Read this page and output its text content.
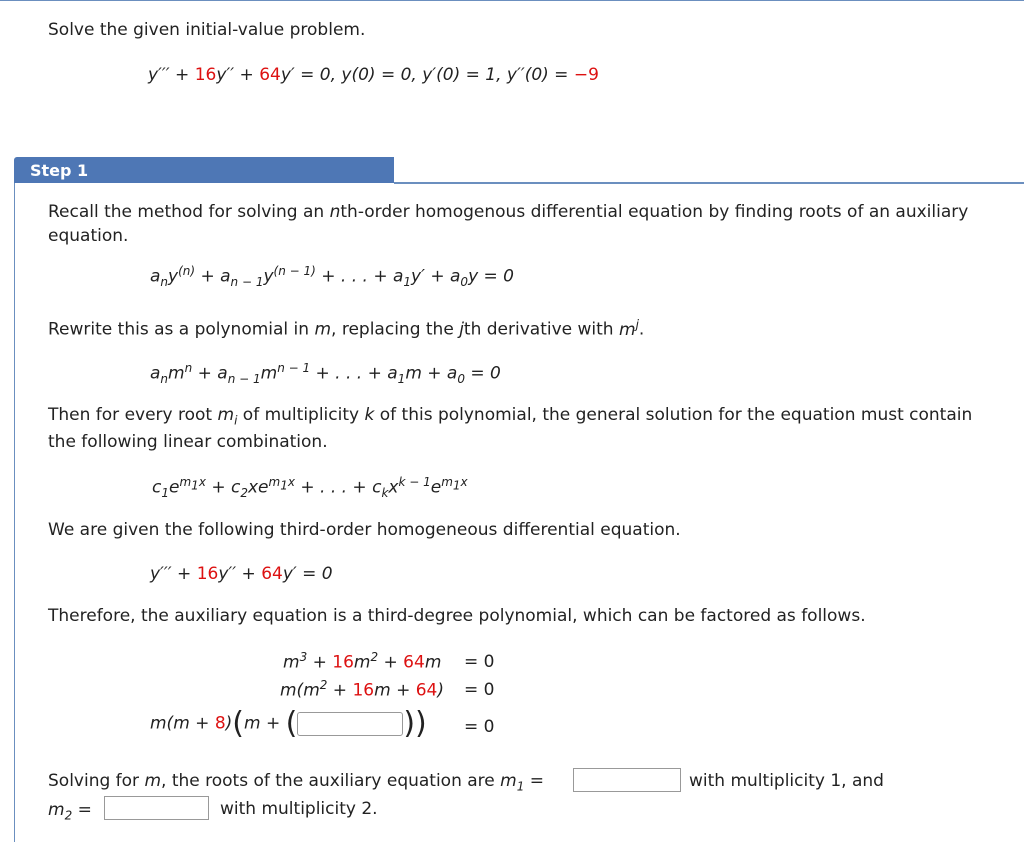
Solve the given initial-value problem.
y′′′ + 16y′′ + 64y′ = 0, y(0) = 0, y′(0) = 1, y′′(0) = −9
Step 1
Recall the method for solving an nth-order homogenous differential equation by finding roots of an auxiliary
equation.
$a_ny^{(n)} + a_{n - 1}y^{(n - 1)}$ + . . . + $a_1y' + a_0y = 0$
Rewrite this as a polynomial in m, replacing the jth derivative with $m^j$.
$a_nm^n + a_{n - 1}m^{n - 1}$ + . . . + $a_1m + a_0 = 0$
Then for every root $m_i$ of multiplicity k of this polynomial, the general solution for the equation must contain
the following linear combination.
$c_1e^{m_1x} + c_2xe^{m_1x}$ + . . . + $c_kx^{k - 1}e^{m_1x}$
We are given the following third-order homogeneous differential equation.
y′′′ + 16y′′ + 64y′ = 0
Therefore, the auxiliary equation is a third-degree polynomial, which can be factored as follows.
$m^3 + 16m^2 + 64m = 0$
$m(m^2 + 16m + 64) = 0$
m(m + 8)(m + (	)) = 0
Solving for m, the roots of the auxiliary equation are $m_1$ =	with multiplicity 1, and
$m_2$ =	with multiplicity 2.
